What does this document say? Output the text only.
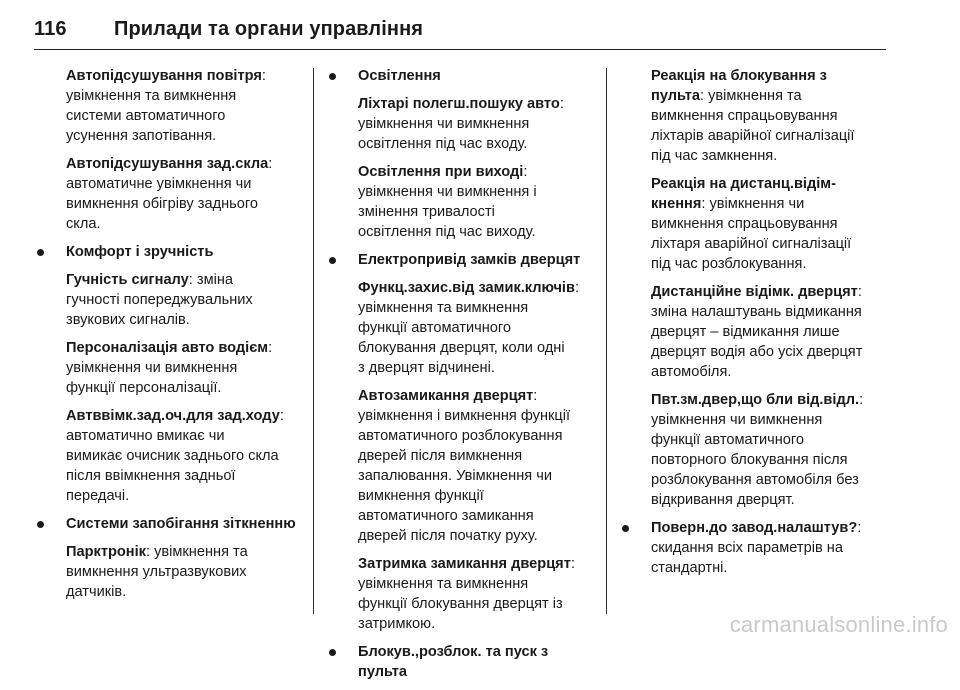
116 Прилади та органи управління
Автопідсушування повітря:
увімкнення та вимкнення
системи автоматичного
усунення запотівання.
Автопідсушування зад.скла:
автоматичне увімкнення чи
вимкнення обігріву заднього
скла.
Комфорт і зручність
Гучність сигналу: зміна
гучності попереджувальних
звукових сигналів.
Персоналізація авто водієм:
увімкнення чи вимкнення
функції персоналізації.
Автввімк.зад.оч.для зад.ходу:
автоматично вмикає чи
вимикає очисник заднього скла
після ввімкнення задньої
передачі.
Системи запобігання зіткненню
Парктронік: увімкнення та
вимкнення ультразвукових
датчиків.
Освітлення
Ліхтарі полегш.пошуку авто:
увімкнення чи вимкнення
освітлення під час входу.
Освітлення при виході:
увімкнення чи вимкнення і
змінення тривалості
освітлення під час виходу.
Електропривід замків дверцят
Функц.захис.від замик.ключів:
увімкнення та вимкнення
функції автоматичного
блокування дверцят, коли одні
з дверцят відчинені.
Автозамикання дверцят:
увімкнення і вимкнення функції
автоматичного розблокування
дверей після вимкнення
запалювання. Увімкнення чи
вимкнення функції
автоматичного замикання
дверей після початку руху.
Затримка замикання дверцят:
увімкнення та вимкнення
функції блокування дверцят із
затримкою.
Блокув.,розблок. та пуск з
пульта
Реакція на блокування з
пульта: увімкнення та
вимкнення спрацьовування
ліхтарів аварійної сигналізації
під час замкнення.
Реакція на дистанц.відім-
кнення: увімкнення чи
вимкнення спрацьовування
ліхтаря аварійної сигналізації
під час розблокування.
Дистанційне відімк. дверцят:
зміна налаштувань відмикання
дверцят – відмикання лише
дверцят водія або усіх дверцят
автомобіля.
Пвт.зм.двер,що бли від.відл.:
увімкнення чи вимкнення
функції автоматичного
повторного блокування після
розблокування автомобіля без
відкривання дверцят.
Поверн.до завод.налаштув?:
скидання всіх параметрів на
стандартні.
carmanualsonline.info
